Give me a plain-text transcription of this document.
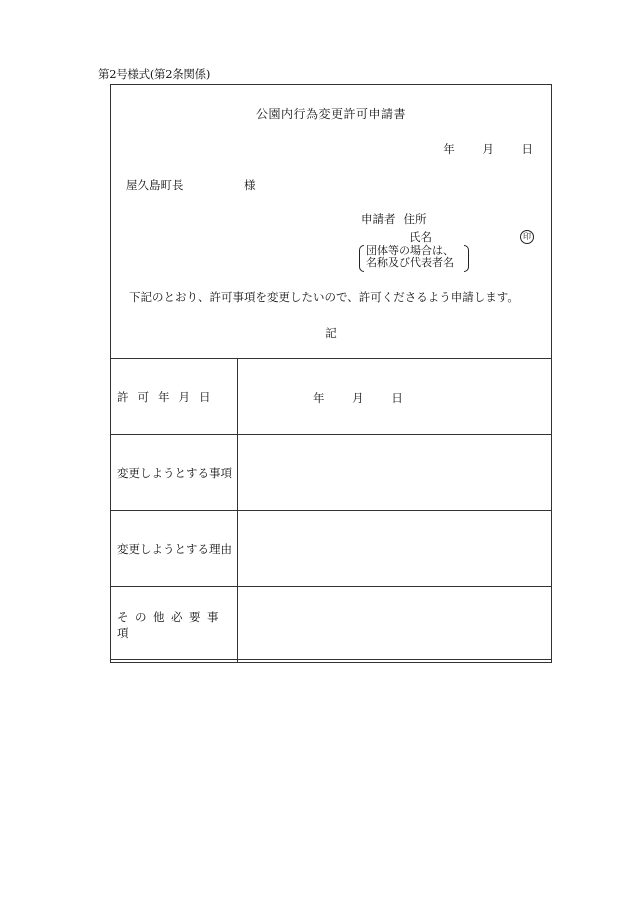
第2号様式(第2条関係)
公園内行為変更許可申請書
年 月 日
屋久島町長	様
申請者 住所
氏名	印
団体等の場合は、
名称及び代表者名
下記のとおり、許可事項を変更したいので、許可くださるよう申請します。
記
許可年月日	年 月 日

変更しようとする事項	
変更しようとする理由	
その他必要事項	
